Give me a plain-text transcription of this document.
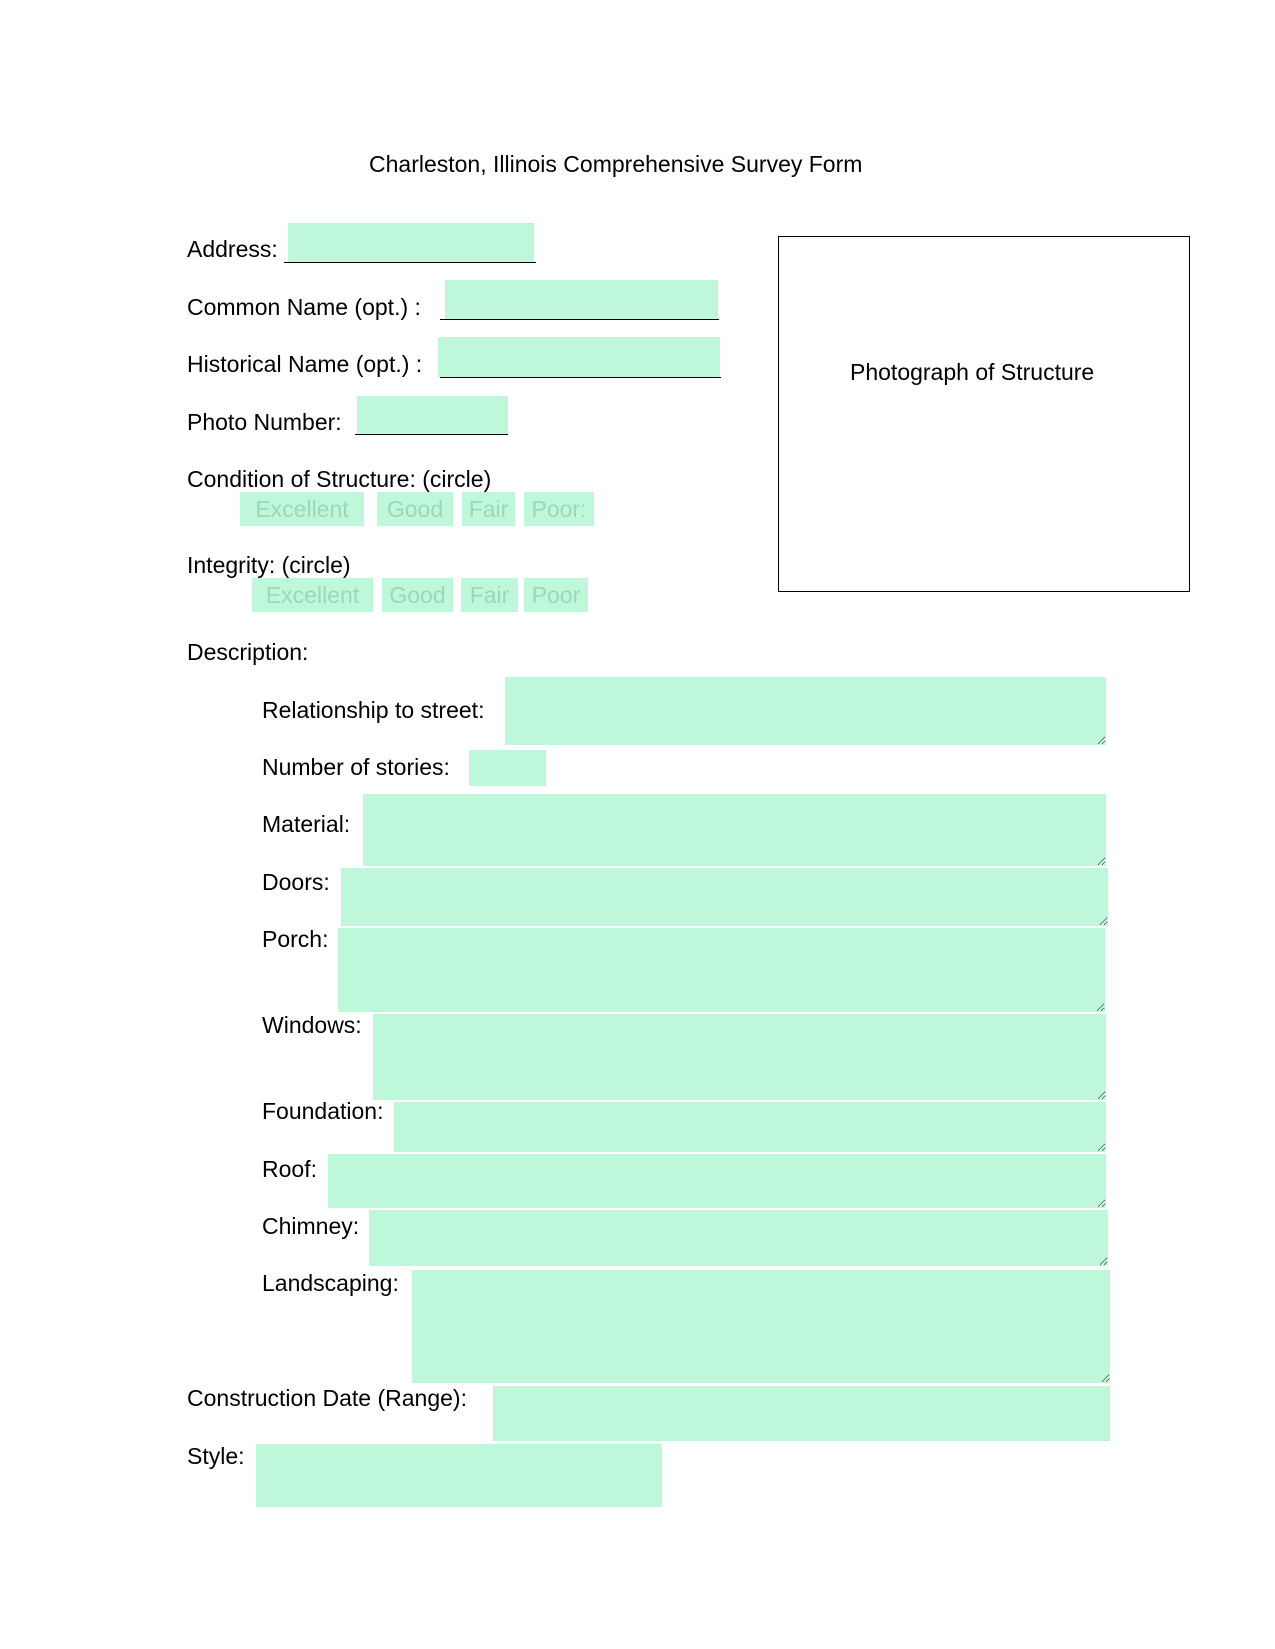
Charleston, Illinois Comprehensive Survey Form
Photograph of Structure
Address:
Common Name (opt.) :
Historical Name (opt.) :
Photo Number:
Condition of Structure: (circle)
Excellent	Good	Fair	Poor:
Integrity: (circle)
Excellent	Good	Fair Poor
Description:
Relationship to street:
Number of stories:
Material:
Doors:
Porch:
Windows:
Foundation:
Roof:
Chimney:
Landscaping:
Construction Date (Range):
Style:
